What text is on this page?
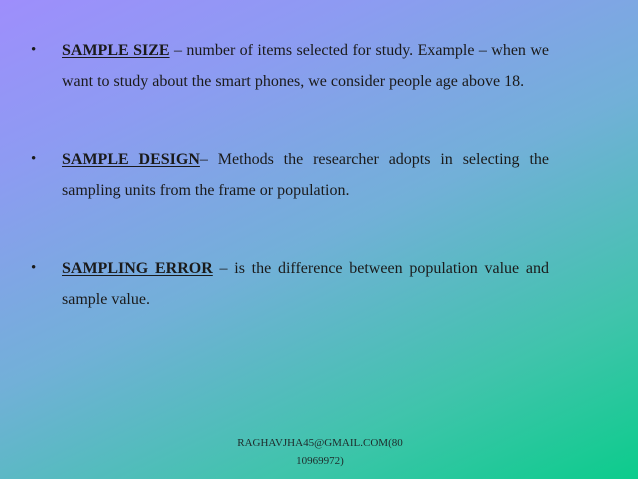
• SAMPLE SIZE – number of items selected for study. Example – when we want to study about the smart phones, we consider people age above 18.
• SAMPLE DESIGN– Methods the researcher adopts in selecting the sampling units from the frame or population.
• SAMPLING ERROR – is the difference between population value and sample value.
RAGHAVJHA45@GMAIL.COM(80
10969972)
